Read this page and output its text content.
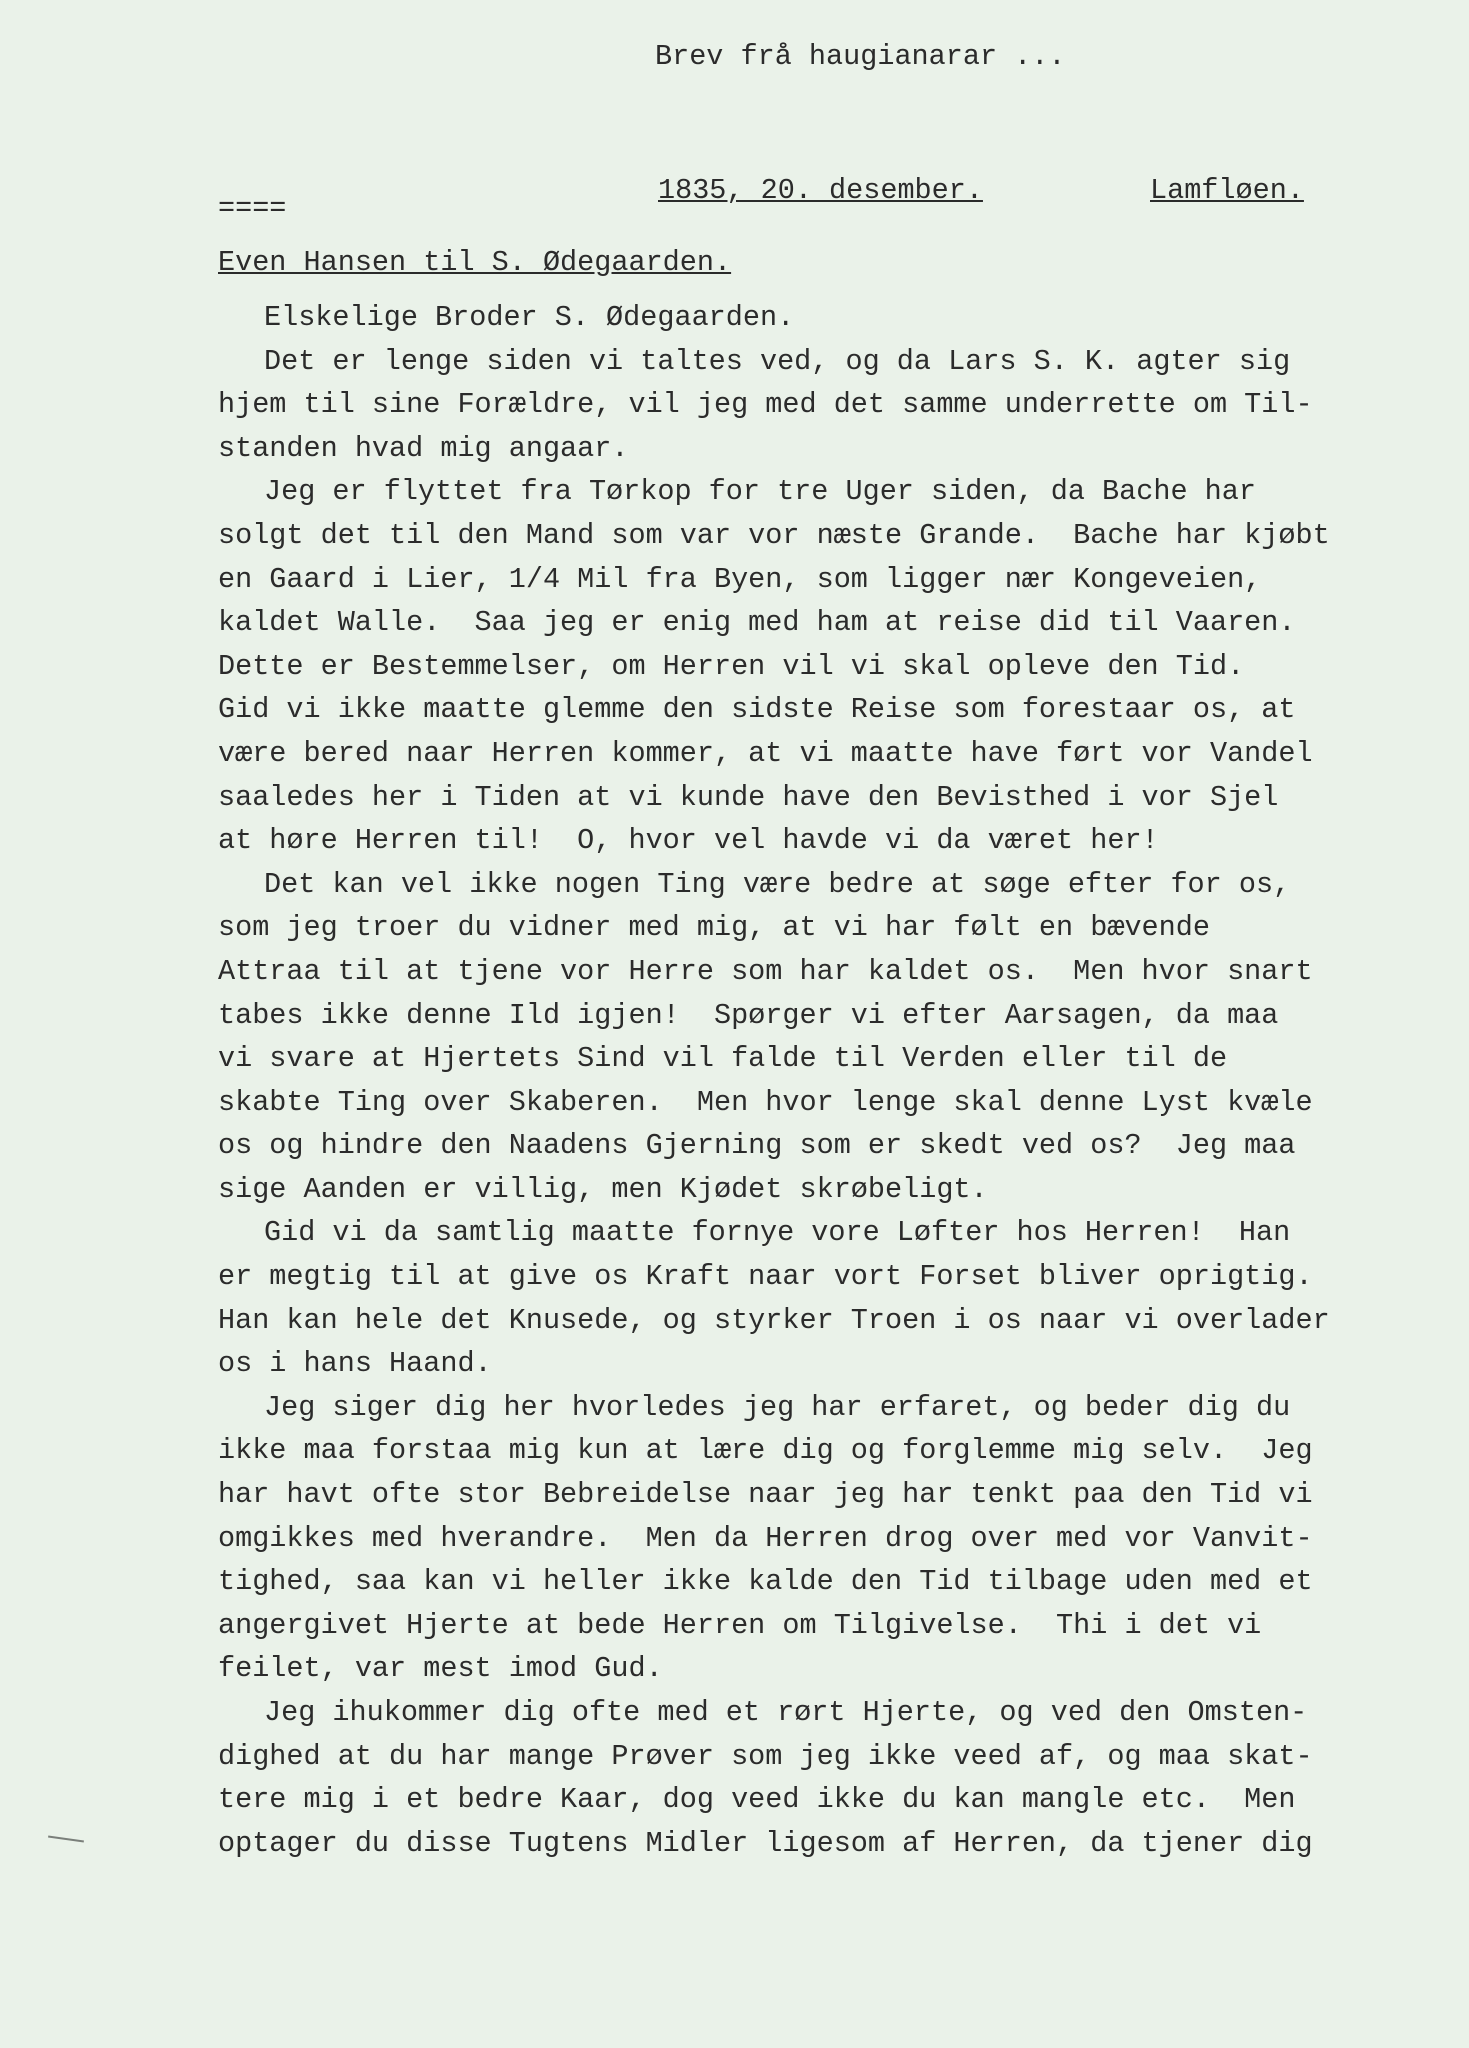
Brev frå haugianarar ...
====
1835, 20. desember.	Lamfløen.
Even Hansen til S. Ødegaarden.
Elskelige Broder S. Ødegaarden.
Det er lenge siden vi taltes ved, og da Lars S. K. agter sig
hjem til sine Forældre, vil jeg med det samme underrette om Til-
standen hvad mig angaar.
Jeg er flyttet fra Tørkop for tre Uger siden, da Bache har
solgt det til den Mand som var vor næste Grande.  Bache har kjøbt
en Gaard i Lier, 1/4 Mil fra Byen, som ligger nær Kongeveien,
kaldet Walle.  Saa jeg er enig med ham at reise did til Vaaren.
Dette er Bestemmelser, om Herren vil vi skal opleve den Tid.
Gid vi ikke maatte glemme den sidste Reise som forestaar os, at
være bered naar Herren kommer, at vi maatte have ført vor Vandel
saaledes her i Tiden at vi kunde have den Bevisthed i vor Sjel
at høre Herren til!  O, hvor vel havde vi da været her!
Det kan vel ikke nogen Ting være bedre at søge efter for os,
som jeg troer du vidner med mig, at vi har følt en bævende
Attraa til at tjene vor Herre som har kaldet os.  Men hvor snart
tabes ikke denne Ild igjen!  Spørger vi efter Aarsagen, da maa
vi svare at Hjertets Sind vil falde til Verden eller til de
skabte Ting over Skaberen.  Men hvor lenge skal denne Lyst kvæle
os og hindre den Naadens Gjerning som er skedt ved os?  Jeg maa
sige Aanden er villig, men Kjødet skrøbeligt.
Gid vi da samtlig maatte fornye vore Løfter hos Herren!  Han
er megtig til at give os Kraft naar vort Forset bliver oprigtig.
Han kan hele det Knusede, og styrker Troen i os naar vi overlader
os i hans Haand.
Jeg siger dig her hvorledes jeg har erfaret, og beder dig du
ikke maa forstaa mig kun at lære dig og forglemme mig selv.  Jeg
har havt ofte stor Bebreidelse naar jeg har tenkt paa den Tid vi
omgikkes med hverandre.  Men da Herren drog over med vor Vanvit-
tighed, saa kan vi heller ikke kalde den Tid tilbage uden med et
angergivet Hjerte at bede Herren om Tilgivelse.  Thi i det vi
feilet, var mest imod Gud.
Jeg ihukommer dig ofte med et rørt Hjerte, og ved den Omsten-
dighed at du har mange Prøver som jeg ikke veed af, og maa skat-
tere mig i et bedre Kaar, dog veed ikke du kan mangle etc.  Men
optager du disse Tugtens Midler ligesom af Herren, da tjener dig
